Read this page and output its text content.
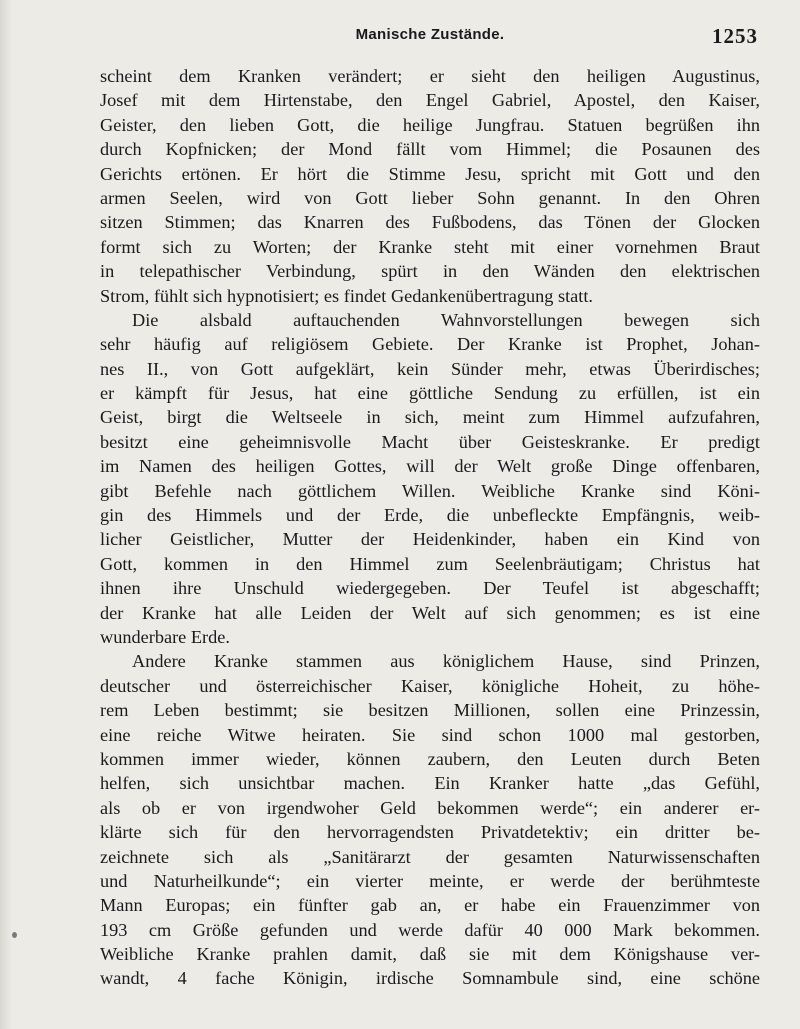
Manische Zustände.	1253
scheint dem Kranken verändert; er sieht den heiligen Augustinus,
Josef mit dem Hirtenstabe, den Engel Gabriel, Apostel, den Kaiser,
Geister, den lieben Gott, die heilige Jungfrau. Statuen begrüßen ihn
durch Kopfnicken; der Mond fällt vom Himmel; die Posaunen des
Gerichts ertönen. Er hört die Stimme Jesu, spricht mit Gott und den
armen Seelen, wird von Gott lieber Sohn genannt. In den Ohren
sitzen Stimmen; das Knarren des Fußbodens, das Tönen der Glocken
formt sich zu Worten; der Kranke steht mit einer vornehmen Braut
in telepathischer Verbindung, spürt in den Wänden den elektrischen
Strom, fühlt sich hypnotisiert; es findet Gedankenübertragung statt.
Die alsbald auftauchenden Wahnvorstellungen bewegen sich
sehr häufig auf religiösem Gebiete. Der Kranke ist Prophet, Johan-
nes II., von Gott aufgeklärt, kein Sünder mehr, etwas Überirdisches;
er kämpft für Jesus, hat eine göttliche Sendung zu erfüllen, ist ein
Geist, birgt die Weltseele in sich, meint zum Himmel aufzufahren,
besitzt eine geheimnisvolle Macht über Geisteskranke. Er predigt
im Namen des heiligen Gottes, will der Welt große Dinge offenbaren,
gibt Befehle nach göttlichem Willen. Weibliche Kranke sind Köni-
gin des Himmels und der Erde, die unbefleckte Empfängnis, weib-
licher Geistlicher, Mutter der Heidenkinder, haben ein Kind von
Gott, kommen in den Himmel zum Seelenbräutigam; Christus hat
ihnen ihre Unschuld wiedergegeben. Der Teufel ist abgeschafft;
der Kranke hat alle Leiden der Welt auf sich genommen; es ist eine
wunderbare Erde.
Andere Kranke stammen aus königlichem Hause, sind Prinzen,
deutscher und österreichischer Kaiser, königliche Hoheit, zu höhe-
rem Leben bestimmt; sie besitzen Millionen, sollen eine Prinzessin,
eine reiche Witwe heiraten. Sie sind schon 1000 mal gestorben,
kommen immer wieder, können zaubern, den Leuten durch Beten
helfen, sich unsichtbar machen. Ein Kranker hatte „das Gefühl,
als ob er von irgendwoher Geld bekommen werde“; ein anderer er-
klärte sich für den hervorragendsten Privatdetektiv; ein dritter be-
zeichnete sich als „Sanitärarzt der gesamten Naturwissenschaften
und Naturheilkunde“; ein vierter meinte, er werde der berühmteste
Mann Europas; ein fünfter gab an, er habe ein Frauenzimmer von
193 cm Größe gefunden und werde dafür 40 000 Mark bekommen.
Weibliche Kranke prahlen damit, daß sie mit dem Königshause ver-
wandt, 4 fache Königin, irdische Somnambule sind, eine schöne
